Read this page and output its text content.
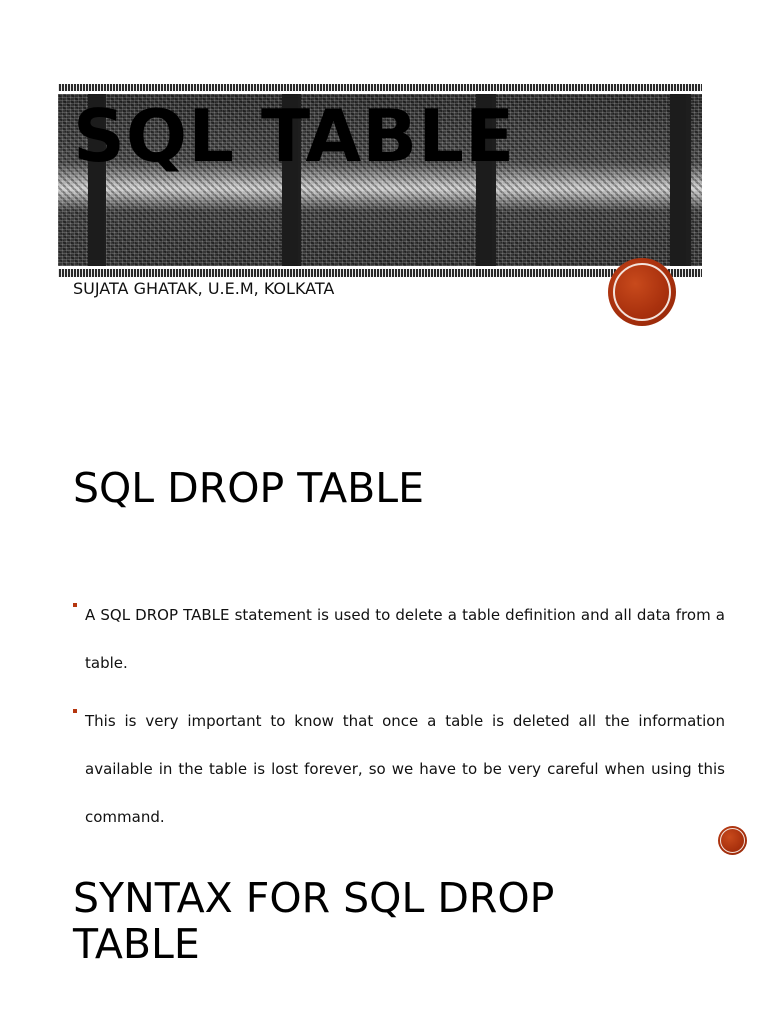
SQL TABLE
SUJATA GHATAK, U.E.M, KOLKATA
SQL DROP TABLE
A SQL DROP TABLE statement is used to delete a table definition and all data from a table.
This is very important to know that once a table is deleted all the information available in the table is lost forever, so we have to be very careful when using this command.
SYNTAX FOR SQL DROP TABLE
